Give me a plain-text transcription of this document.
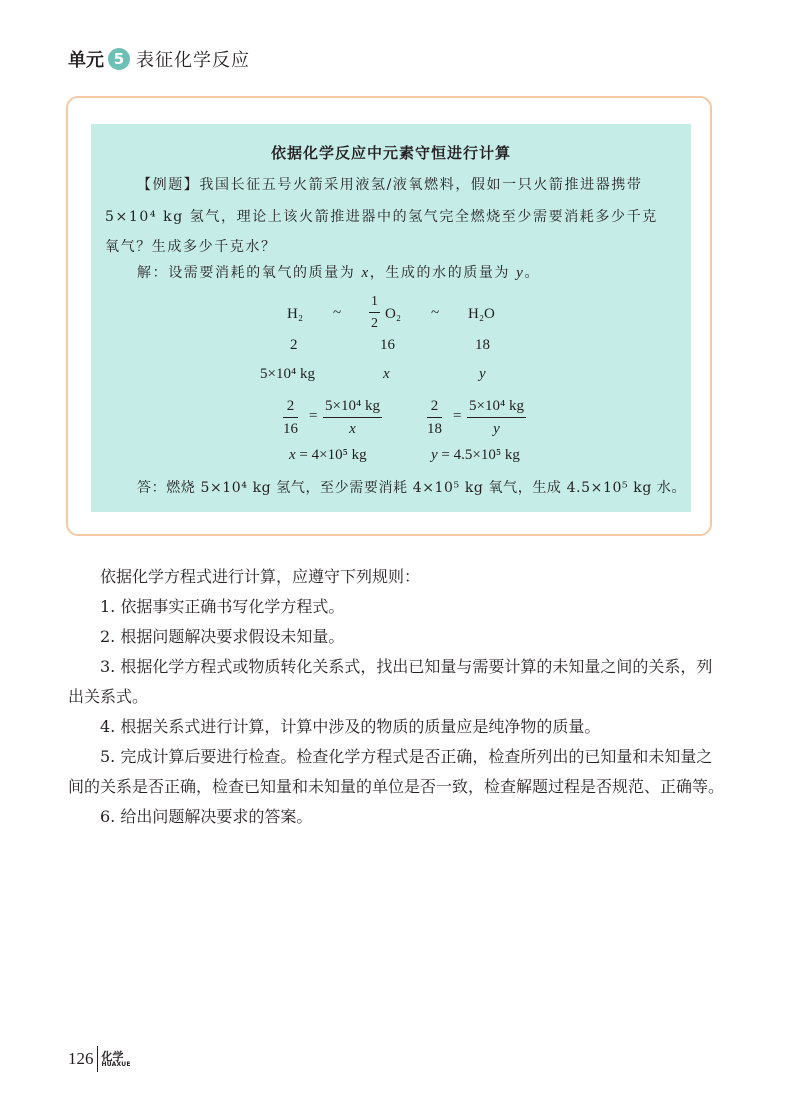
单元 5 表征化学反应
依据化学反应中元素守恒进行计算
【例题】我国长征五号火箭采用液氢/液氧燃料，假如一只火箭推进器携带
5×10⁴ kg 氢气，理论上该火箭推进器中的氢气完全燃烧至少需要消耗多少千克
氧气？生成多少千克水？
解：设需要消耗的氧气的质量为 x，生成的水的质量为 y。
H₂ ~ $\frac{1}{2} O_2$ ~ H₂O
2	16	18
5×10⁴ kg	x	y
$\frac{2}{16} = \frac{\text{5×10⁴ kg}}{x}$	$\frac{2}{18} = \frac{\text{5×10⁴ kg}}{y}$
x = 4×10⁵ kg	y = 4.5×10⁵ kg
答：燃烧 5×10⁴ kg 氢气，至少需要消耗 4×10⁵ kg 氧气，生成 4.5×10⁵ kg 水。

依据化学方程式进行计算，应遵守下列规则：

1. 依据事实正确书写化学方程式。

2. 根据问题解决要求假设未知量。

3. 根据化学方程式或物质转化关系式，找出已知量与需要计算的未知量之间的关系，列出关系式。

4. 根据关系式进行计算，计算中涉及的物质的质量应是纯净物的质量。

5. 完成计算后要进行检查。检查化学方程式是否正确，检查所列出的已知量和未知量之间的关系是否正确，检查已知量和未知量的单位是否一致，检查解题过程是否规范、正确等。

6. 给出问题解决要求的答案。

126 化学
HUAXUE
